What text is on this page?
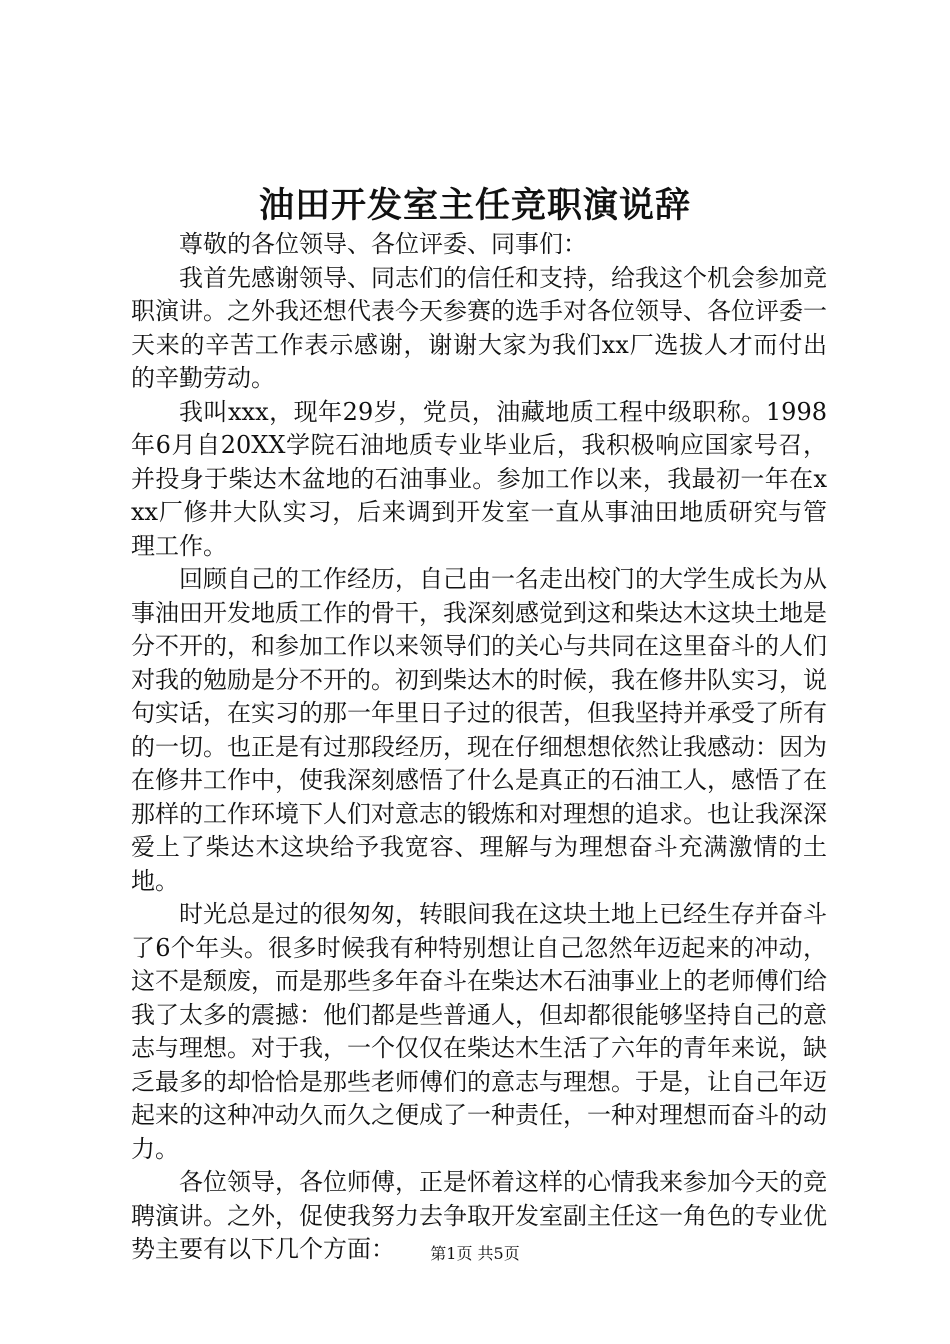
油田开发室主任竞职演说辞

尊敬的各位领导、各位评委、同事们：

我首先感谢领导、同志们的信任和支持，给我这个机会参加竞职演讲。之外我还想代表今天参赛的选手对各位领导、各位评委一天来的辛苦工作表示感谢，谢谢大家为我们xx厂选拔人才而付出的辛勤劳动。

我叫xxx，现年29岁，党员，油藏地质工程中级职称。1998年6月自20XX学院石油地质专业毕业后，我积极响应国家号召，并投身于柴达木盆地的石油事业。参加工作以来，我最初一年在xxx厂修井大队实习，后来调到开发室一直从事油田地质研究与管理工作。

回顾自己的工作经历，自己由一名走出校门的大学生成长为从事油田开发地质工作的骨干，我深刻感觉到这和柴达木这块土地是分不开的，和参加工作以来领导们的关心与共同在这里奋斗的人们对我的勉励是分不开的。初到柴达木的时候，我在修井队实习，说句实话，在实习的那一年里日子过的很苦，但我坚持并承受了所有的一切。也正是有过那段经历，现在仔细想想依然让我感动：因为在修井工作中，使我深刻感悟了什么是真正的石油工人，感悟了在那样的工作环境下人们对意志的锻炼和对理想的追求。也让我深深爱上了柴达木这块给予我宽容、理解与为理想奋斗充满激情的土地。

时光总是过的很匆匆，转眼间我在这块土地上已经生存并奋斗了6个年头。很多时候我有种特别想让自己忽然年迈起来的冲动，这不是颓废，而是那些多年奋斗在柴达木石油事业上的老师傅们给我了太多的震撼：他们都是些普通人，但却都很能够坚持自己的意志与理想。对于我，一个仅仅在柴达木生活了六年的青年来说，缺乏最多的却恰恰是那些老师傅们的意志与理想。于是，让自己年迈起来的这种冲动久而久之便成了一种责任，一种对理想而奋斗的动力。

各位领导，各位师傅，正是怀着这样的心情我来参加今天的竞聘演讲。之外，促使我努力去争取开发室副主任这一角色的专业优势主要有以下几个方面：	第1页 共5页
